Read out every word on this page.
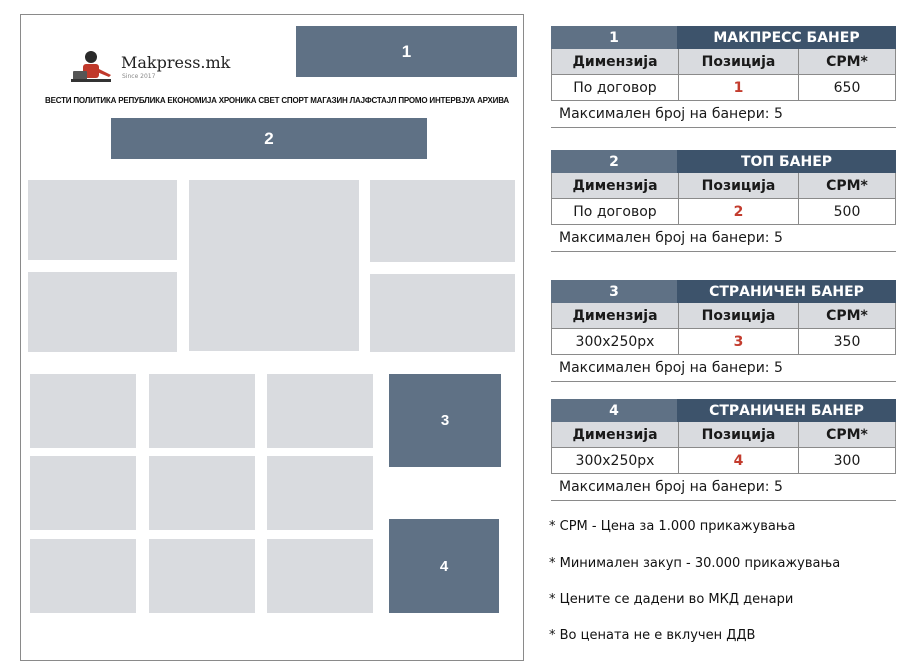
Makpress.mk
Since 2017
1
ВЕСТИ ПОЛИТИКА РЕПУБЛИКА ЕКОНОМИЈА ХРОНИКА СВЕТ СПОРТ МАГАЗИН ЛАЈФСТАЈЛ ПРОМО ИНТЕРВЈУА АРХИВА
2
3
4
1	МАКПРЕСС БАНЕР
Димензија	Позиција	CPM*
По договор	1	650
Максимален број на банери: 5
2	ТОП БАНЕР
Димензија	Позиција	CPM*
По договор	2	500
Максимален број на банери: 5
3	СТРАНИЧЕН БАНЕР
Димензија	Позиција	CPM*
300x250px	3	350
Максимален број на банери: 5
4	СТРАНИЧЕН БАНЕР
Димензија	Позиција	CPM*
300x250px	4	300
Максимален број на банери: 5
* CPM - Цена за 1.000 прикажувања
* Минимален закуп - 30.000 прикажувања
* Цените се дадени во МКД денари
* Во цената не е вклучен ДДВ
